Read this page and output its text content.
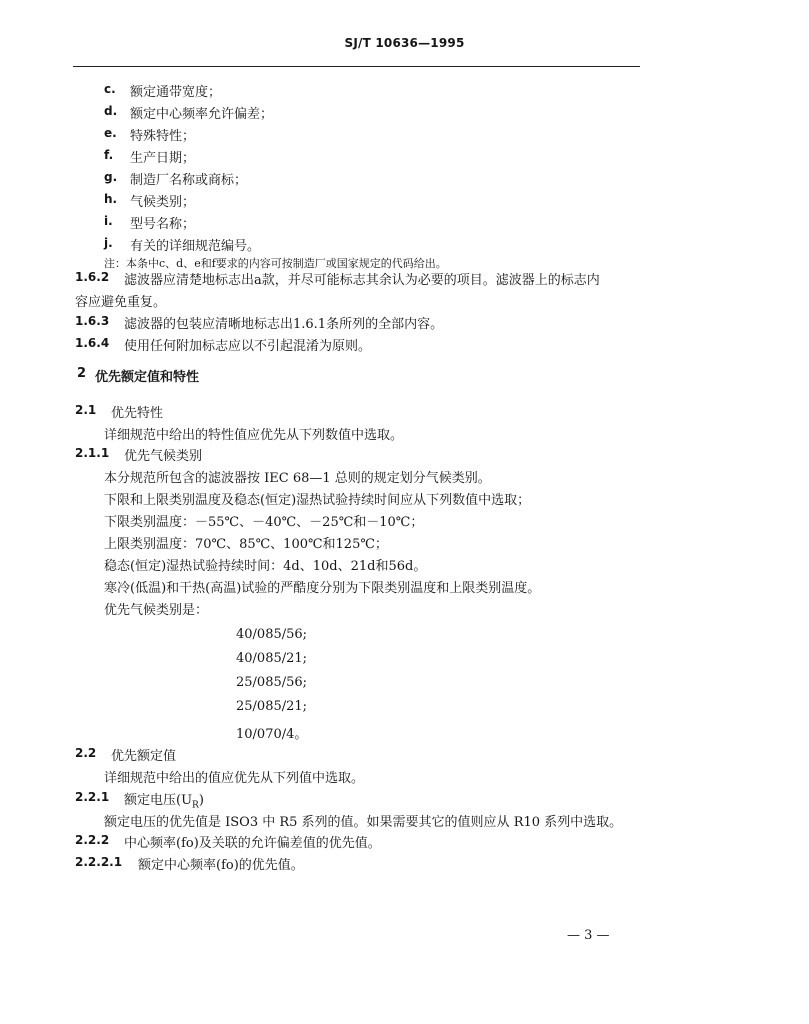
SJ/T 10636—1995
c.	额定通带宽度；
d. 额定中心频率允许偏差；
e.	特殊特性；
f.	生产日期；
g. 制造厂名称或商标；
h. 气候类别；
i.	型号名称；
j.	有关的详细规范编号。
注：本条中c、d、e和f要求的内容可按制造厂或国家规定的代码给出。
1.6.2 滤波器应清楚地标志出a款，并尽可能标志其余认为必要的项目。滤波器上的标志内
容应避免重复。
1.6.3 滤波器的包装应清晰地标志出1.6.1条所列的全部内容。
1.6.4 使用任何附加标志应以不引起混淆为原则。
2 优先额定值和特性
2.1 优先特性
详细规范中给出的特性值应优先从下列数值中选取。
2.1.1 优先气候类别
本分规范所包含的滤波器按 IEC 68—1 总则的规定划分气候类别。
下限和上限类别温度及稳态(恒定)湿热试验持续时间应从下列数值中选取；
下限类别温度：－55℃、－40℃、－25℃和－10℃；
上限类别温度：70℃、85℃、100℃和125℃；
稳态(恒定)湿热试验持续时间：4d、10d、21d和56d。
寒冷(低温)和干热(高温)试验的严酷度分别为下限类别温度和上限类别温度。
优先气候类别是：
40/085/56;
40/085/21;
25/085/56;
25/085/21;
10/070/4。
2.2 优先额定值
详细规范中给出的值应优先从下列值中选取。
2.2.1 额定电压$(U_R)$
额定电压的优先值是 ISO3 中 R5 系列的值。如果需要其它的值则应从 R10 系列中选取。
2.2.2 中心频率(fo)及关联的允许偏差值的优先值。
2.2.2.1 额定中心频率(fo)的优先值。
— 3 —
